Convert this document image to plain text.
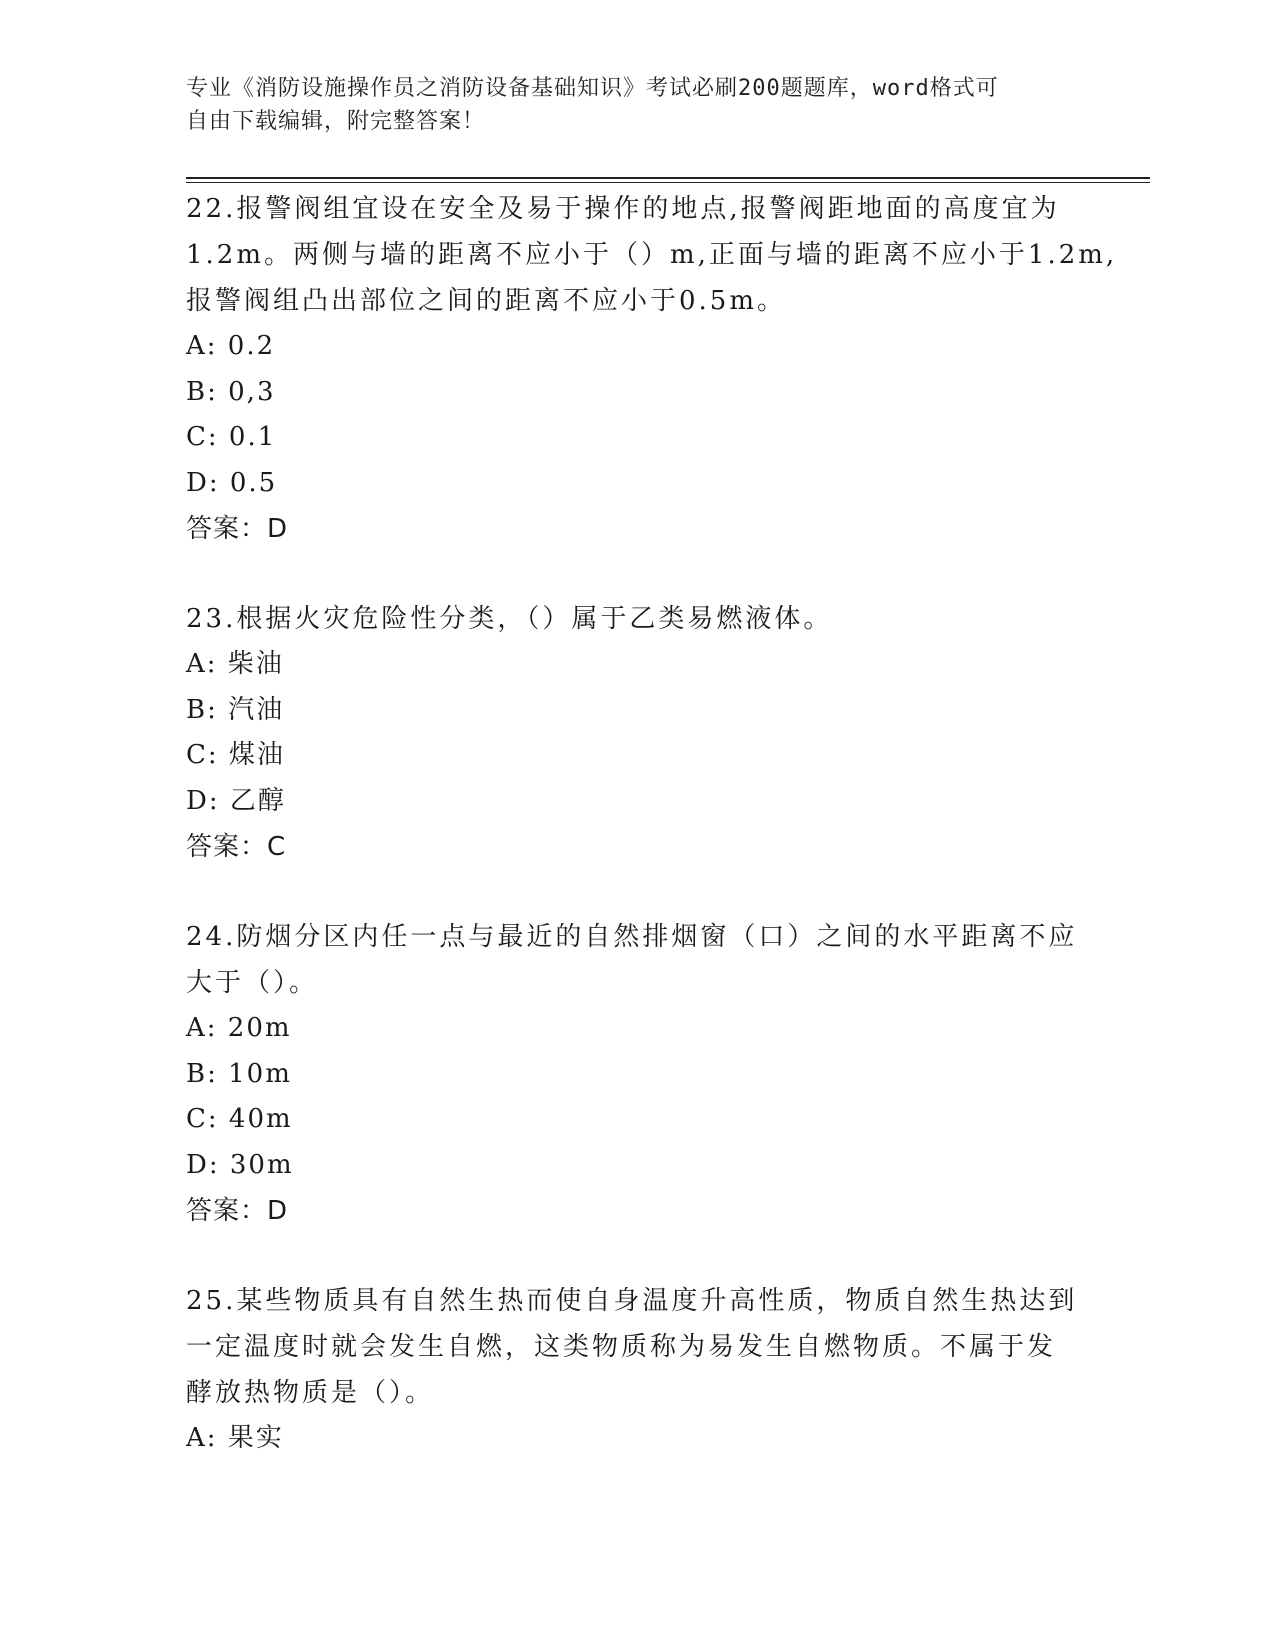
专业《消防设施操作员之消防设备基础知识》考试必刷200题题库，word格式可
自由下载编辑，附完整答案！
22.报警阀组宜设在安全及易于操作的地点,报警阀距地面的高度宜为
1.2m。两侧与墙的距离不应小于（）m,正面与墙的距离不应小于1.2m,
报警阀组凸出部位之间的距离不应小于0.5m。
A: 0.2
B: 0,3
C: 0.1
D: 0.5
答案：D
23.根据火灾危险性分类，（）属于乙类易燃液体。
A: 柴油
B: 汽油
C: 煤油
D: 乙醇
答案：C
24.防烟分区内任一点与最近的自然排烟窗（口）之间的水平距离不应
大于（）。
A: 20m
B: 10m
C: 40m
D: 30m
答案：D
25.某些物质具有自然生热而使自身温度升高性质，物质自然生热达到
一定温度时就会发生自燃，这类物质称为易发生自燃物质。不属于发
酵放热物质是（）。
A: 果实
